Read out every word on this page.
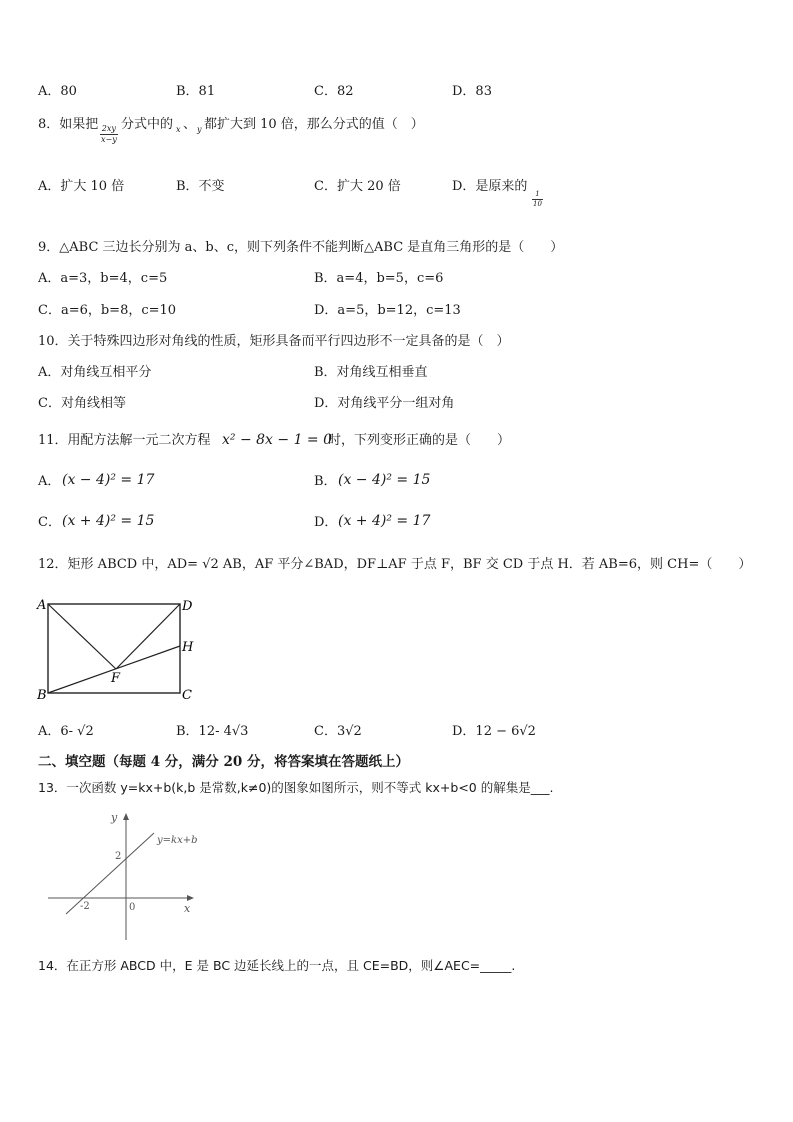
A．80	B．81	C．82	D．83
8．如果把
$\frac{2xy}{x-y}$
分式中的 x 、 y 都扩大到 10 倍，那么分式的值（　）
A．扩大 10 倍	B．不变	C．扩大 20 倍	D．是原来的
$\frac{1}{10}$
9．△ABC 三边长分别为 a、b、c，则下列条件不能判断△ABC 是直角三角形的是（　　）
A．a=3，b=4，c=5	B．a=4，b=5，c=6
C．a=6，b=8，c=10	D．a=5，b=12，c=13
10．关于特殊四边形对角线的性质，矩形具备而平行四边形不一定具备的是（　）
A．对角线互相平分	B．对角线互相垂直
C．对角线相等	D．对角线平分一组对角
11．用配方法解一元二次方程 x² − 8x − 1 = 0
时，下列变形正确的是（　　）
A． (x − 4)² = 17	B． (x − 4)² = 15
C． (x + 4)² = 15	D． (x + 4)² = 17
12．矩形 ABCD 中，AD= √2 AB，AF 平分∠BAD，DF⊥AF 于点 F，BF 交 CD 于点 H．若 AB=6，则 CH=（　　）
A	D
H
F
B	C
A．6- √2	B．12- 4√3	C．3√2	D．12 − 6√2
二、填空题（每题 4 分，满分 20 分，将答案填在答题纸上）
13．一次函数 y=kx+b(k,b 是常数,k≠0)的图象如图所示，则不等式 kx+b<0 的解集是___.
y
x
0
2
-2
y=kx+b
14．在正方形 ABCD 中，E 是 BC 边延长线上的一点，且 CE=BD，则∠AEC=_____.
